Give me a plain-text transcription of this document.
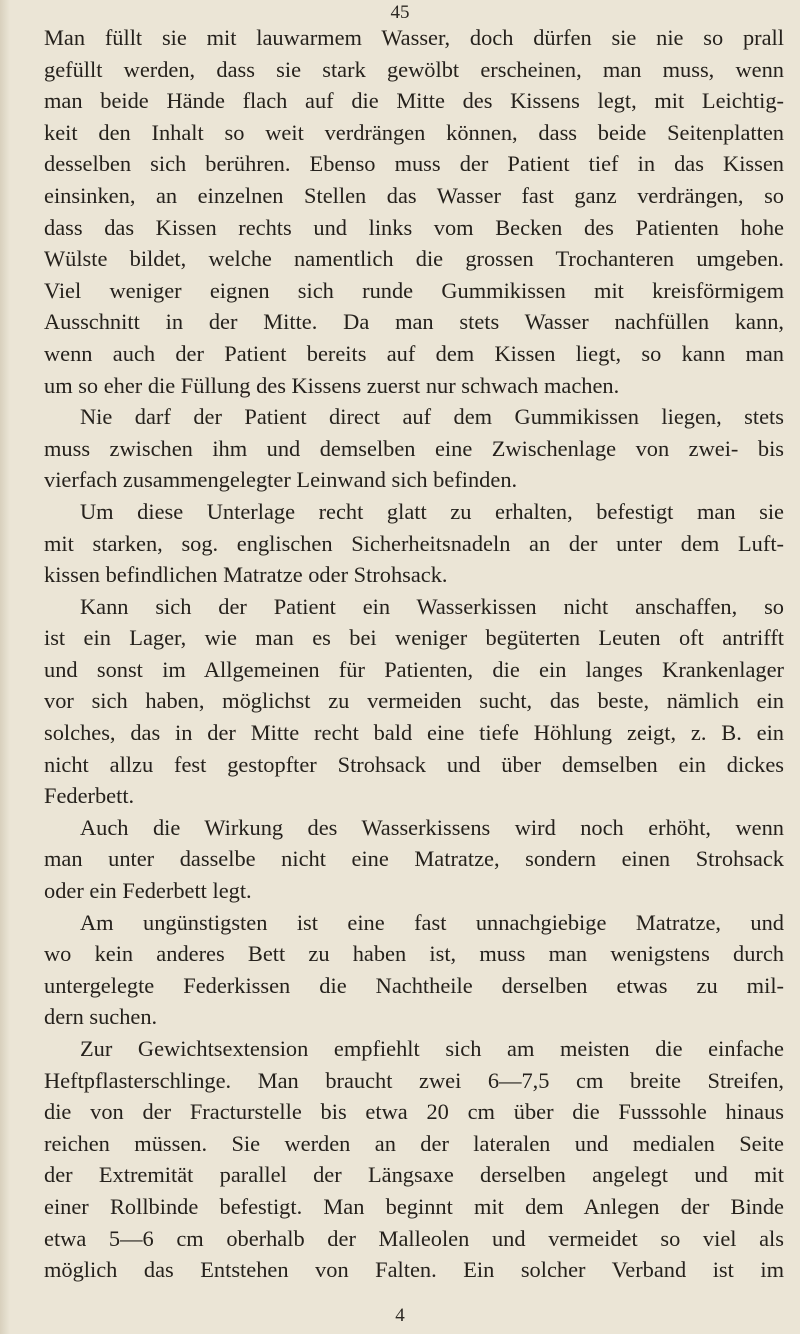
45
Man füllt sie mit lauwarmem Wasser, doch dürfen sie nie so prall
gefüllt werden, dass sie stark gewölbt erscheinen, man muss, wenn
man beide Hände flach auf die Mitte des Kissens legt, mit Leichtig-
keit den Inhalt so weit verdrängen können, dass beide Seitenplatten
desselben sich berühren. Ebenso muss der Patient tief in das Kissen
einsinken, an einzelnen Stellen das Wasser fast ganz verdrängen, so
dass das Kissen rechts und links vom Becken des Patienten hohe
Wülste bildet, welche namentlich die grossen Trochanteren umgeben.
Viel weniger eignen sich runde Gummikissen mit kreisförmigem
Ausschnitt in der Mitte. Da man stets Wasser nachfüllen kann,
wenn auch der Patient bereits auf dem Kissen liegt, so kann man
um so eher die Füllung des Kissens zuerst nur schwach machen.
Nie darf der Patient direct auf dem Gummikissen liegen, stets
muss zwischen ihm und demselben eine Zwischenlage von zwei- bis
vierfach zusammengelegter Leinwand sich befinden.
Um diese Unterlage recht glatt zu erhalten, befestigt man sie
mit starken, sog. englischen Sicherheitsnadeln an der unter dem Luft-
kissen befindlichen Matratze oder Strohsack.
Kann sich der Patient ein Wasserkissen nicht anschaffen, so
ist ein Lager, wie man es bei weniger begüterten Leuten oft antrifft
und sonst im Allgemeinen für Patienten, die ein langes Krankenlager
vor sich haben, möglichst zu vermeiden sucht, das beste, nämlich ein
solches, das in der Mitte recht bald eine tiefe Höhlung zeigt, z. B. ein
nicht allzu fest gestopfter Strohsack und über demselben ein dickes
Federbett.
Auch die Wirkung des Wasserkissens wird noch erhöht, wenn
man unter dasselbe nicht eine Matratze, sondern einen Strohsack
oder ein Federbett legt.
Am ungünstigsten ist eine fast unnachgiebige Matratze, und
wo kein anderes Bett zu haben ist, muss man wenigstens durch
untergelegte Federkissen die Nachtheile derselben etwas zu mil-
dern suchen.
Zur Gewichtsextension empfiehlt sich am meisten die einfache
Heftpflasterschlinge. Man braucht zwei 6—7,5 cm breite Streifen,
die von der Fracturstelle bis etwa 20 cm über die Fusssohle hinaus
reichen müssen. Sie werden an der lateralen und medialen Seite
der Extremität parallel der Längsaxe derselben angelegt und mit
einer Rollbinde befestigt. Man beginnt mit dem Anlegen der Binde
etwa 5—6 cm oberhalb der Malleolen und vermeidet so viel als
möglich das Entstehen von Falten. Ein solcher Verband ist im
4
